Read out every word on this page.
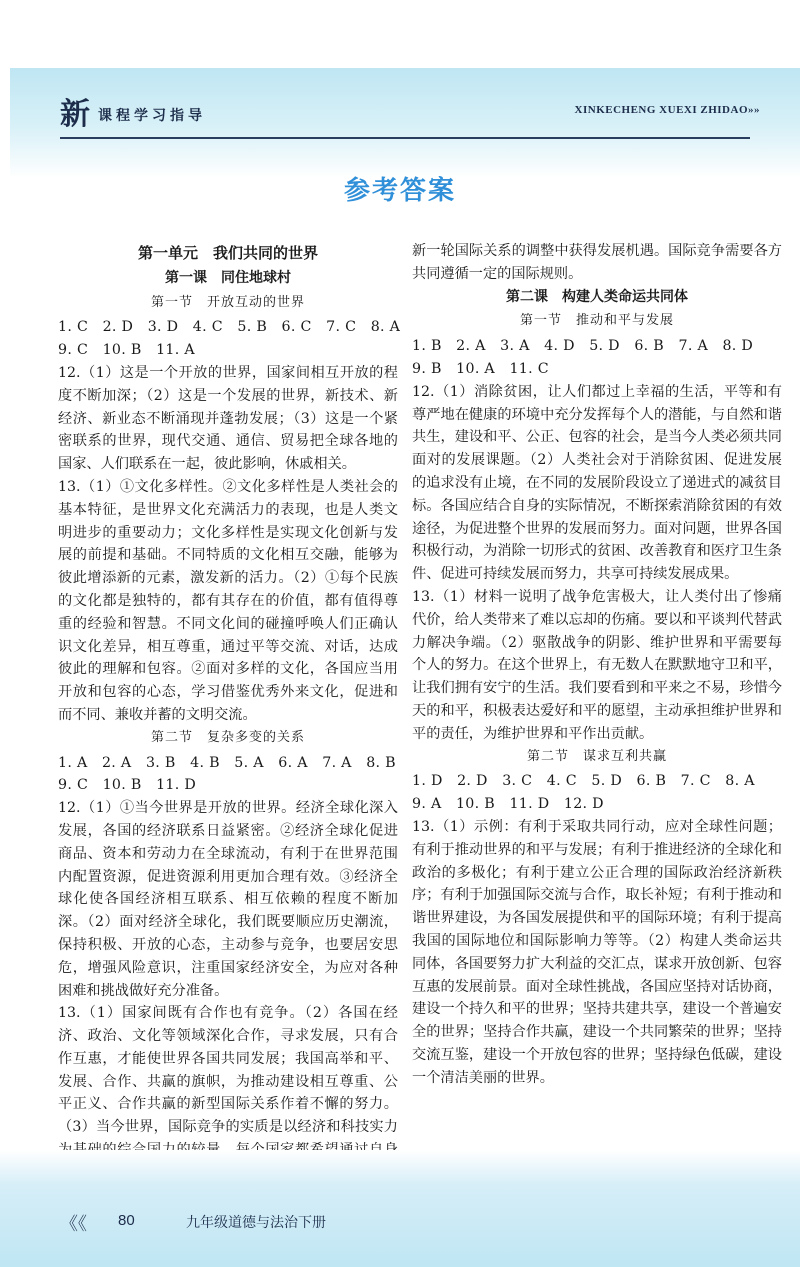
新 课程学习指导	XINKECHENG XUEXI ZHIDAO»»
参考答案

第一单元　我们共同的世界

第一课　同住地球村

第一节　开放互动的世界

1. C　2. D　3. D　4. C　5. B　6. C　7. C　8. A

9. C　10. B　11. A

12.（1）这是一个开放的世界，国家间相互开放的程度不断加深；（2）这是一个发展的世界，新技术、新经济、新业态不断涌现并蓬勃发展；（3）这是一个紧密联系的世界，现代交通、通信、贸易把全球各地的国家、人们联系在一起，彼此影响，休戚相关。

13.（1）①文化多样性。②文化多样性是人类社会的基本特征，是世界文化充满活力的表现，也是人类文明进步的重要动力；文化多样性是实现文化创新与发展的前提和基础。不同特质的文化相互交融，能够为彼此增添新的元素，激发新的活力。（2）①每个民族的文化都是独特的，都有其存在的价值，都有值得尊重的经验和智慧。不同文化间的碰撞呼唤人们正确认识文化差异，相互尊重，通过平等交流、对话，达成彼此的理解和包容。②面对多样的文化，各国应当用开放和包容的心态，学习借鉴优秀外来文化，促进和而不同、兼收并蓄的文明交流。

第二节　复杂多变的关系

1. A　2. A　3. B　4. B　5. A　6. A　7. A　8. B

9. C　10. B　11. D

12.（1）①当今世界是开放的世界。经济全球化深入发展，各国的经济联系日益紧密。②经济全球化促进商品、资本和劳动力在全球流动，有利于在世界范围内配置资源，促进资源利用更加合理有效。③经济全球化使各国经济相互联系、相互依赖的程度不断加深。（2）面对经济全球化，我们既要顺应历史潮流，保持积极、开放的心态，主动参与竞争，也要居安思危，增强风险意识，注重国家经济安全，为应对各种困难和挑战做好充分准备。

13.（1）国家间既有合作也有竞争。（2）各国在经济、政治、文化等领域深化合作，寻求发展，只有合作互惠，才能使世界各国共同发展；我国高举和平、发展、合作、共赢的旗帜，为推动建设相互尊重、公平正义、合作共赢的新型国际关系作着不懈的努力。（3）当今世界，国际竞争的实质是以经济和科技实力

新一轮国际关系的调整中获得发展机遇。国际竞争需要各方共同遵循一定的国际规则。

第二课　构建人类命运共同体

第一节　推动和平与发展

1. B　2. A　3. A　4. D　5. D　6. B　7. A　8. D

9. B　10. A　11. C

12.（1）消除贫困，让人们都过上幸福的生活，平等和有尊严地在健康的环境中充分发挥每个人的潜能，与自然和谐共生，建设和平、公正、包容的社会，是当今人类必须共同面对的发展课题。（2）人类社会对于消除贫困、促进发展的追求没有止境，在不同的发展阶段设立了递进式的减贫目标。各国应结合自身的实际情况，不断探索消除贫困的有效途径，为促进整个世界的发展而努力。面对问题，世界各国积极行动，为消除一切形式的贫困、改善教育和医疗卫生条件、促进可持续发展而努力，共享可持续发展成果。

13.（1）材料一说明了战争危害极大，让人类付出了惨痛代价，给人类带来了难以忘却的伤痛。要以和平谈判代替武力解决争端。（2）驱散战争的阴影、维护世界和平需要每个人的努力。在这个世界上，有无数人在默默地守卫和平，让我们拥有安宁的生活。我们要看到和平来之不易，珍惜今天的和平，积极表达爱好和平的愿望，主动承担维护世界和平的责任，为维护世界和平作出贡献。

第二节　谋求互利共赢

1. D　2. D　3. C　4. C　5. D　6. B　7. C　8. A

9. A　10. B　11. D　12. D

13.（1）示例：有利于采取共同行动，应对全球性问题；有利于推动世界的和平与发展；有利于推进经济的全球化和政治的多极化；有利于建立公正合理的国际政治经济新秩序；有利于加强国际交流与合作，取长补短；有利于推动和谐世界建设，为各国发展提供和平的国际环境；有利于提高我国的国际地位和国际影响力等等。（2）构建人类命运共同体，各国要努力扩大利益的交汇点，谋求开放创新、包容互惠的发展前景。面对全球性挑战，各国应坚持对话协商，建设一个持久和平的世界；坚持共建共享，建设一个普遍安全的世界；坚持合作共赢，建设一个共同繁荣的世界；坚持交流互鉴，建设一个开放包容的世界；坚持绿色低碳，建设一个清洁美丽的世界。

《《 80	九年级道德与法治下册
